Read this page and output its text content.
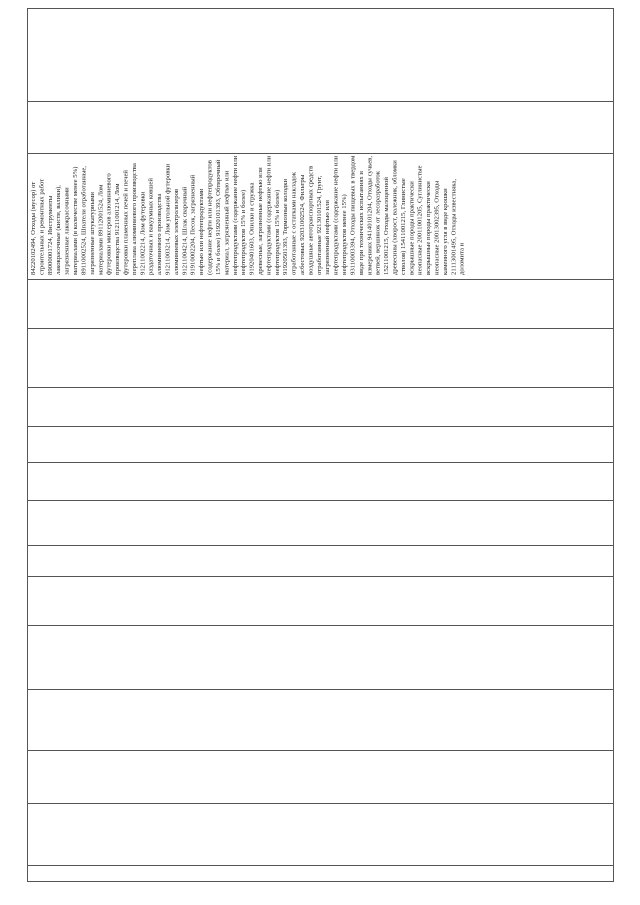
84220102494, Отходы (мусор) от строительных и ремонтных работ 89000001724, Инструменты лакокрасочные (кисти, валики), загрязненные лакокрасочными материалами (в количестве менее 5%) 89110002524, Шпатели отработанные, загрязненные штукатурными материалами 89112001524, Лом футеровки миксеров алюминиевого производства 91211001214, Лом футеровки пламенных печей и печей переплава алюминиевого производства 91211002214, Лом футеровки раздаточных и вакуумных ковшей алюминиевого производства 91211003214, Лом угольной футеровки алюминиевых электролизеров 91211004214, Шлак сварочный 91910002204, Песок, загрязненный нефтью или нефтепродуктами (содержание нефти или нефтепродуктов 15% и более) 91920101393, Обтирочный материал, загрязненный нефтью или нефтепродуктами (содержание нефти или нефтепродуктов 15% и более) 91920401603, Опилки и стружка древесные, загрязненные нефтью или нефтепродуктами (содержание нефти или нефтепродуктов 15% и более) 91920501393, Тормозные колодки отработанные с остатками накладок асбестовых 92031002524, Фильтры воздушные автотранспортных средств отработанные 92130101524, Грунт, загрязненный нефтью или нефтепродуктами (содержание нефти или нефтепродуктов менее 15%) 93110003394, Отходы пищевых в твердом виде при технических испытаниях и измерениях 94140101204, Отходы сучьев, ветвей, вершинок от лесоразработок 15211001215, Отходы малоценной древесины (хворост, валежник, обломки стволов) 15411001215, Глинистые вскрышные породы практически неопасные 20011001205, Суглинистые вскрышные породы практически неопасные 20013002395, Отходы каменного угля в виде крошки 21113001495, Отходы известняка, доломита и
